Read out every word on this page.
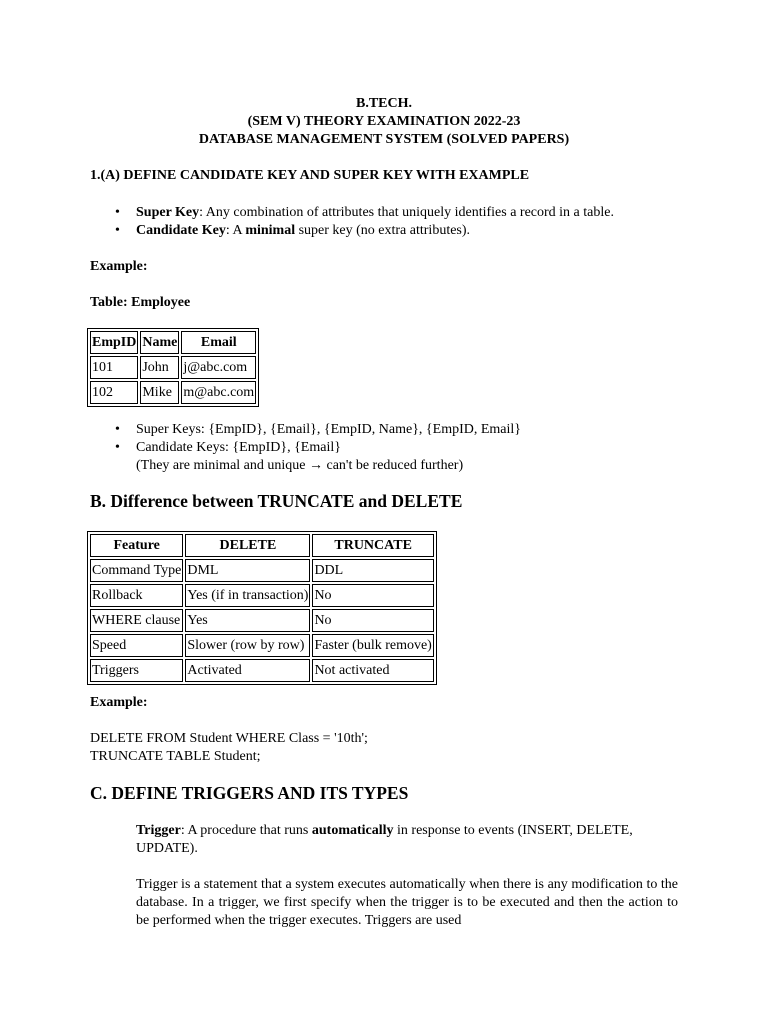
B.TECH.
(SEM V) THEORY EXAMINATION 2022-23
DATABASE MANAGEMENT SYSTEM (SOLVED PAPERS)
1.(A) DEFINE CANDIDATE KEY AND SUPER KEY WITH EXAMPLE
• Super Key: Any combination of attributes that uniquely identifies a record in a table.
• Candidate Key: A minimal super key (no extra attributes).
Example:
Table: Employee
EmpID	Name	Email
101	John	j@abc.com
102	Mike	m@abc.com
• Super Keys: {EmpID}, {Email}, {EmpID, Name}, {EmpID, Email}
• Candidate Keys: {EmpID}, {Email}
(They are minimal and unique → can't be reduced further)
B. Difference between TRUNCATE and DELETE
Feature	DELETE	TRUNCATE
Command Type	DML	DDL
Rollback	Yes (if in transaction)	No
WHERE clause	Yes	No
Speed	Slower (row by row)	Faster (bulk remove)
Triggers	Activated	Not activated
Example:
DELETE FROM Student WHERE Class = '10th';
TRUNCATE TABLE Student;
C. DEFINE TRIGGERS AND ITS TYPES
Trigger: A procedure that runs automatically in response to events (INSERT, DELETE, UPDATE).
Trigger is a statement that a system executes automatically when there is any modification to the database. In a trigger, we first specify when the trigger is to be executed and then the action to be performed when the trigger executes. Triggers are used
